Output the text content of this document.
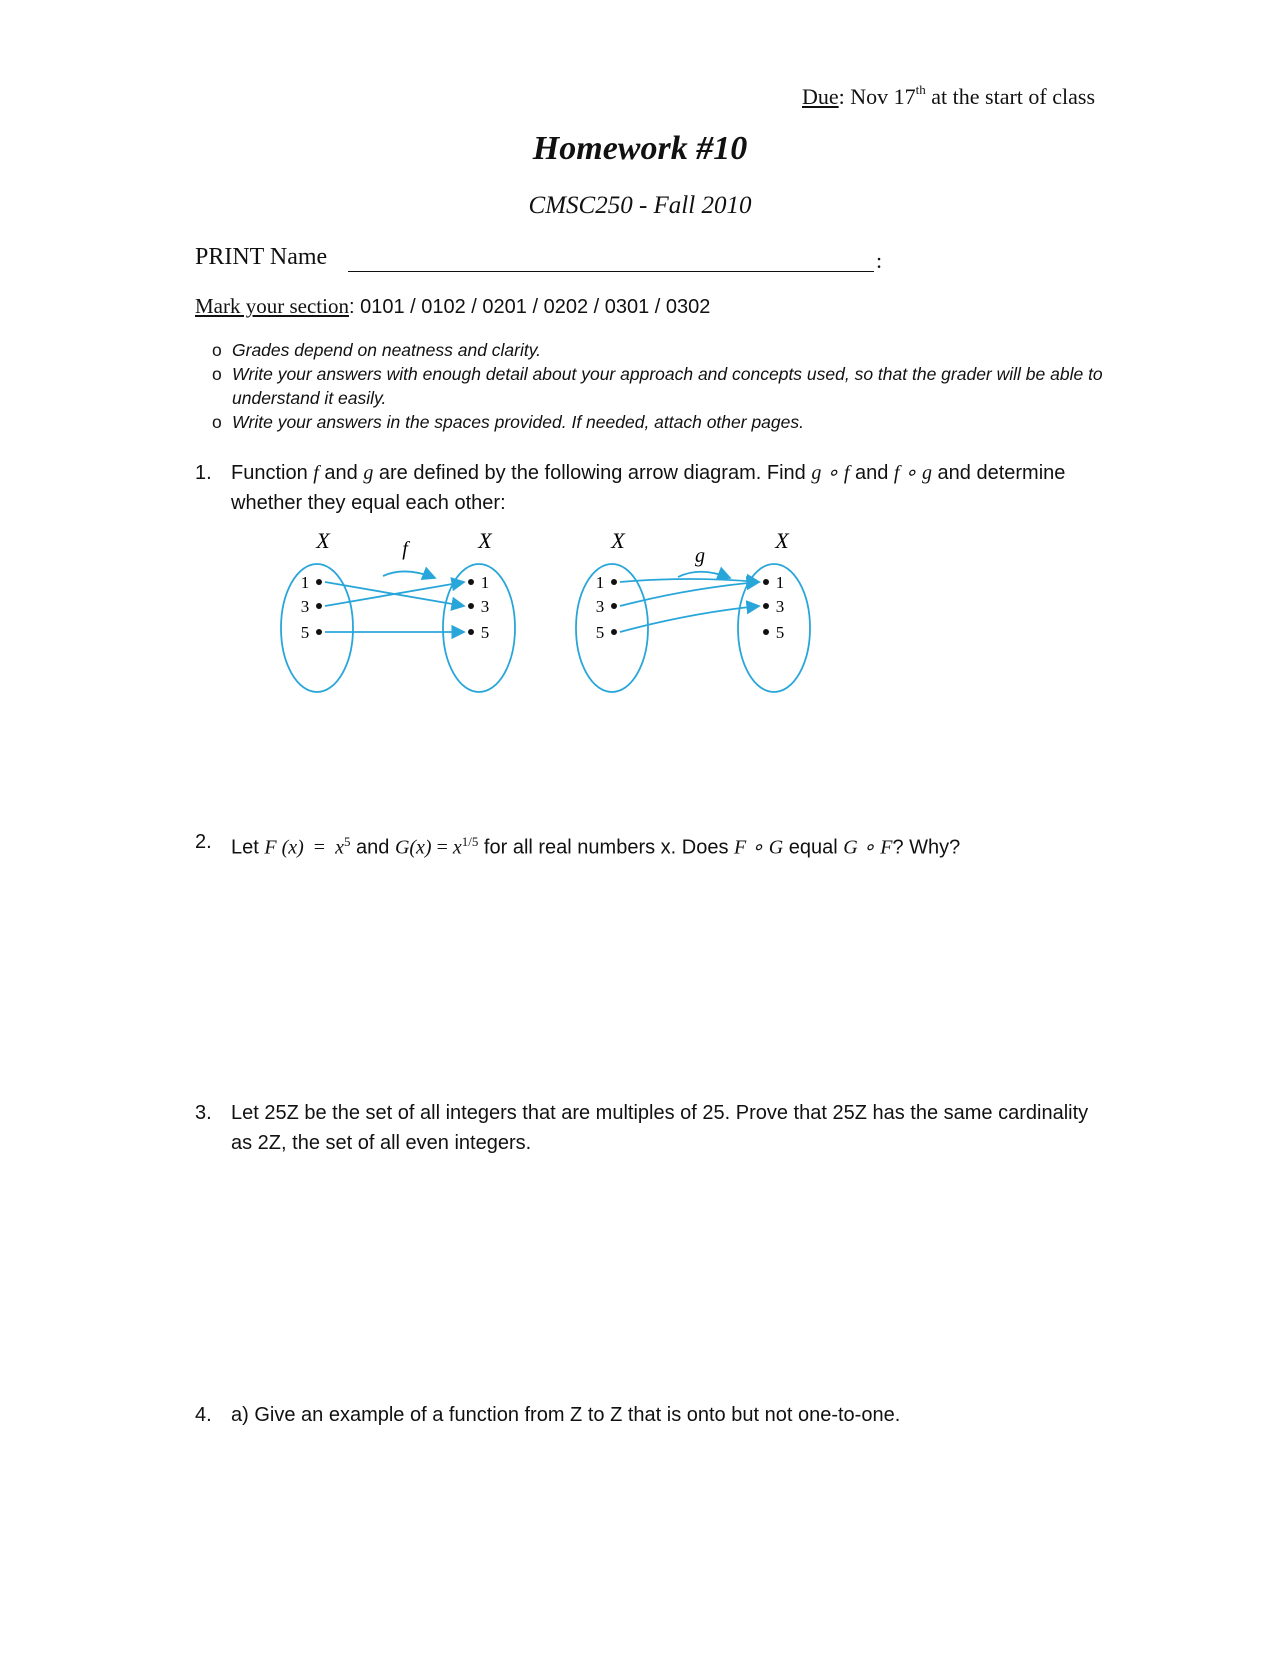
Due: Nov 17th at the start of class
Homework #10
CMSC250 - Fall 2010
PRINT Name	:
Mark your section: 0101 / 0102 / 0201 / 0202 / 0301 / 0302
o Grades depend on neatness and clarity.
o Write your answers with enough detail about your approach and concepts used, so that the grader will be able to understand it easily.
o Write your answers in the spaces provided. If needed, attach other pages.
1. Function f and g are defined by the following arrow diagram. Find g ∘ f and f ∘ g and determine whether they equal each other:
X	X
f
1
3
5
1
3
5
X	X
g
1
3
5
1
3
5
2. Let F $(x) = x^5$ and $G(x) = x^{1/5}$ for all real numbers x. Does F ∘ G equal G ∘ F? Why?
3. Let 25Z be the set of all integers that are multiples of 25. Prove that 25Z has the same cardinality as 2Z, the set of all even integers.
4. a) Give an example of a function from Z to Z that is onto but not one-to-one.
